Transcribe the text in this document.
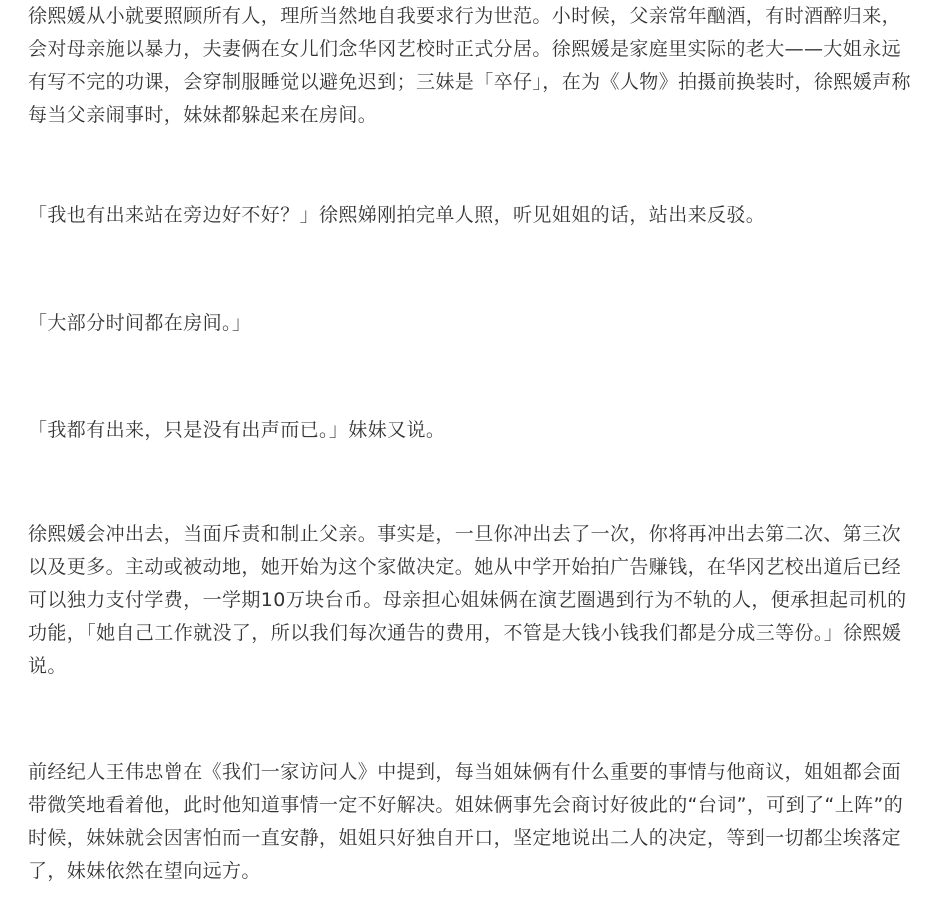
徐熙媛从小就要照顾所有人，理所当然地自我要求行为世范。小时候，父亲常年酗酒，有时酒醉归来，会对母亲施以暴力，夫妻俩在女儿们念华冈艺校时正式分居。徐熙媛是家庭里实际的老大——大姐永远有写不完的功课，会穿制服睡觉以避免迟到；三妹是「卒仔」，在为《人物》拍摄前换装时，徐熙媛声称每当父亲闹事时，妹妹都躲起来在房间。

「我也有出来站在旁边好不好？」徐熙娣刚拍完单人照，听见姐姐的话，站出来反驳。

「大部分时间都在房间。」

「我都有出来，只是没有出声而已。」妹妹又说。

徐熙媛会冲出去，当面斥责和制止父亲。事实是，一旦你冲出去了一次，你将再冲出去第二次、第三次以及更多。主动或被动地，她开始为这个家做决定。她从中学开始拍广告赚钱，在华冈艺校出道后已经可以独力支付学费，一学期10万块台币。母亲担心姐妹俩在演艺圈遇到行为不轨的人，便承担起司机的功能，「她自己工作就没了，所以我们每次通告的费用，不管是大钱小钱我们都是分成三等份。」徐熙媛说。

前经纪人王伟忠曾在《我们一家访问人》中提到，每当姐妹俩有什么重要的事情与他商议，姐姐都会面带微笑地看着他，此时他知道事情一定不好解决。姐妹俩事先会商讨好彼此的“台词”，可到了“上阵”的时候，妹妹就会因害怕而一直安静，姐姐只好独自开口，坚定地说出二人的决定，等到一切都尘埃落定了，妹妹依然在望向远方。
